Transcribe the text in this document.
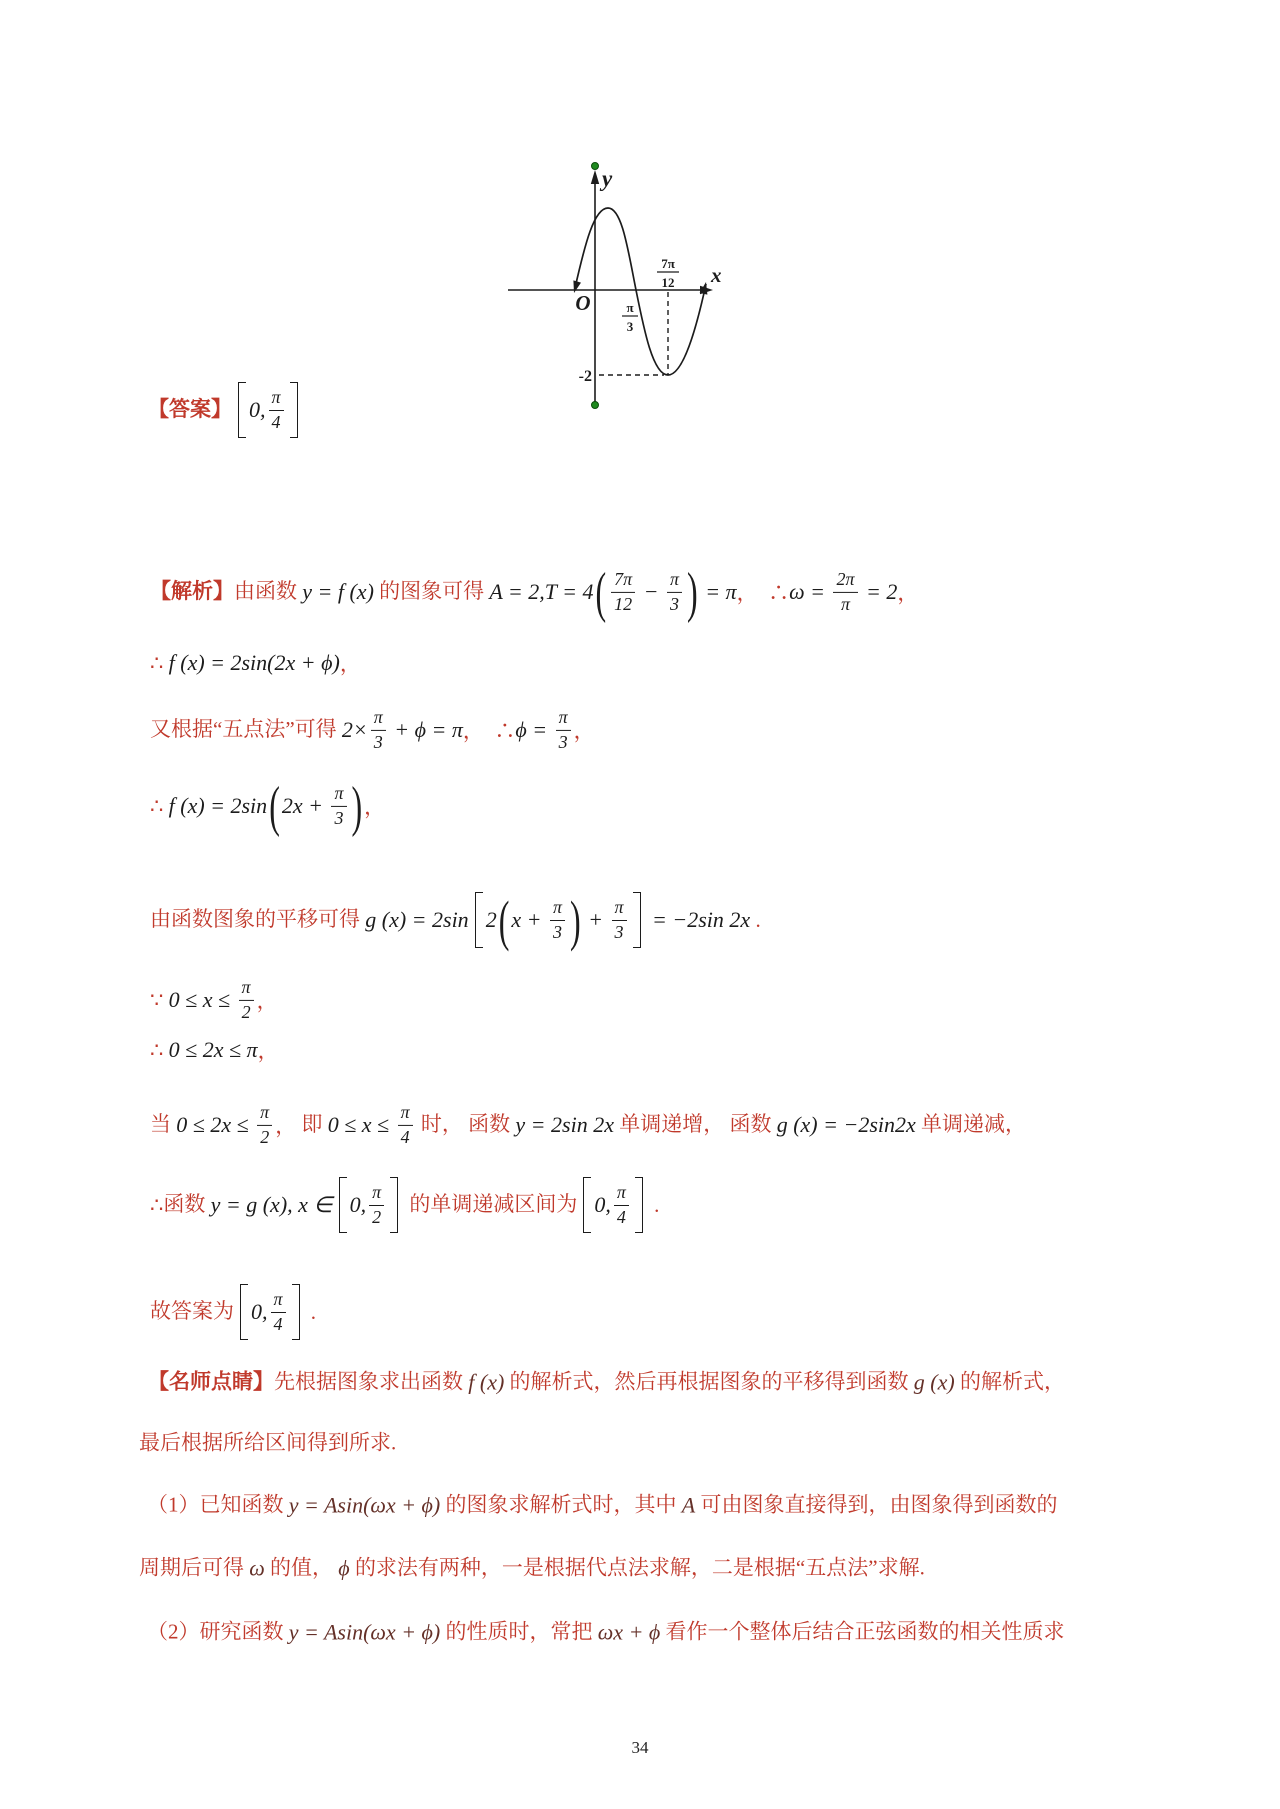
y
x
O
-2
π
3
7π
12
【答案】 0, $\frac{\pi}{4}$
【解析】 由函数 y = f (x) 的图象可得 A = 2,T = 4 ( $\frac{7\pi}{12} - \frac{\pi}{3}$ ) = π ，  ∴ $\omega = \frac{2\pi}{\pi} = 2$ ，
∴ f (x) = 2sin(2x + ϕ) ，
又根据“五点法”可得 $2\times \frac{\pi}{3} + \phi = \pi$ ，  ∴ $\phi = \frac{\pi}{3}$ ，
∴ f (x) = 2sin ( $2x + \frac{\pi}{3}$ ) ，
由函数图象的平移可得 g (x) = 2sin 2 ( $x + \frac{\pi}{3}$ ) + $\frac{\pi}{3} = -2\sin$ 2x .
∵ $0 \le x \le \frac{\pi}{2}$ ，
∴ 0 ≤ 2x ≤ π ，
当 $0 \le 2x \le \frac{\pi}{2}$ ， 即 $0 \le x \le \frac{\pi}{4}$ 时， 函数 y = 2sin 2x 单调递增， 函数 g (x) = −2sin2x 单调递减，
∴ 函数 y = g (x), x ∈ 0, $\frac{\pi}{2}$ 的单调递减区间为 0, $\frac{\pi}{4}$ .
故答案为 0, $\frac{\pi}{4}$ .
【名师点睛】 先根据图象求出函数 f (x) 的解析式，然后再根据图象的平移得到函数 g (x) 的解析式，
最后根据所给区间得到所求.
（1）已知函数 y = Asin(ωx + ϕ) 的图象求解析式时，其中 A 可由图象直接得到，由图象得到函数的
周期后可得 ω 的值， ϕ 的求法有两种，一是根据代点法求解，二是根据“五点法”求解.
（2）研究函数 y = Asin(ωx + ϕ) 的性质时，常把 ωx + ϕ 看作一个整体后结合正弦函数的相关性质求
34
